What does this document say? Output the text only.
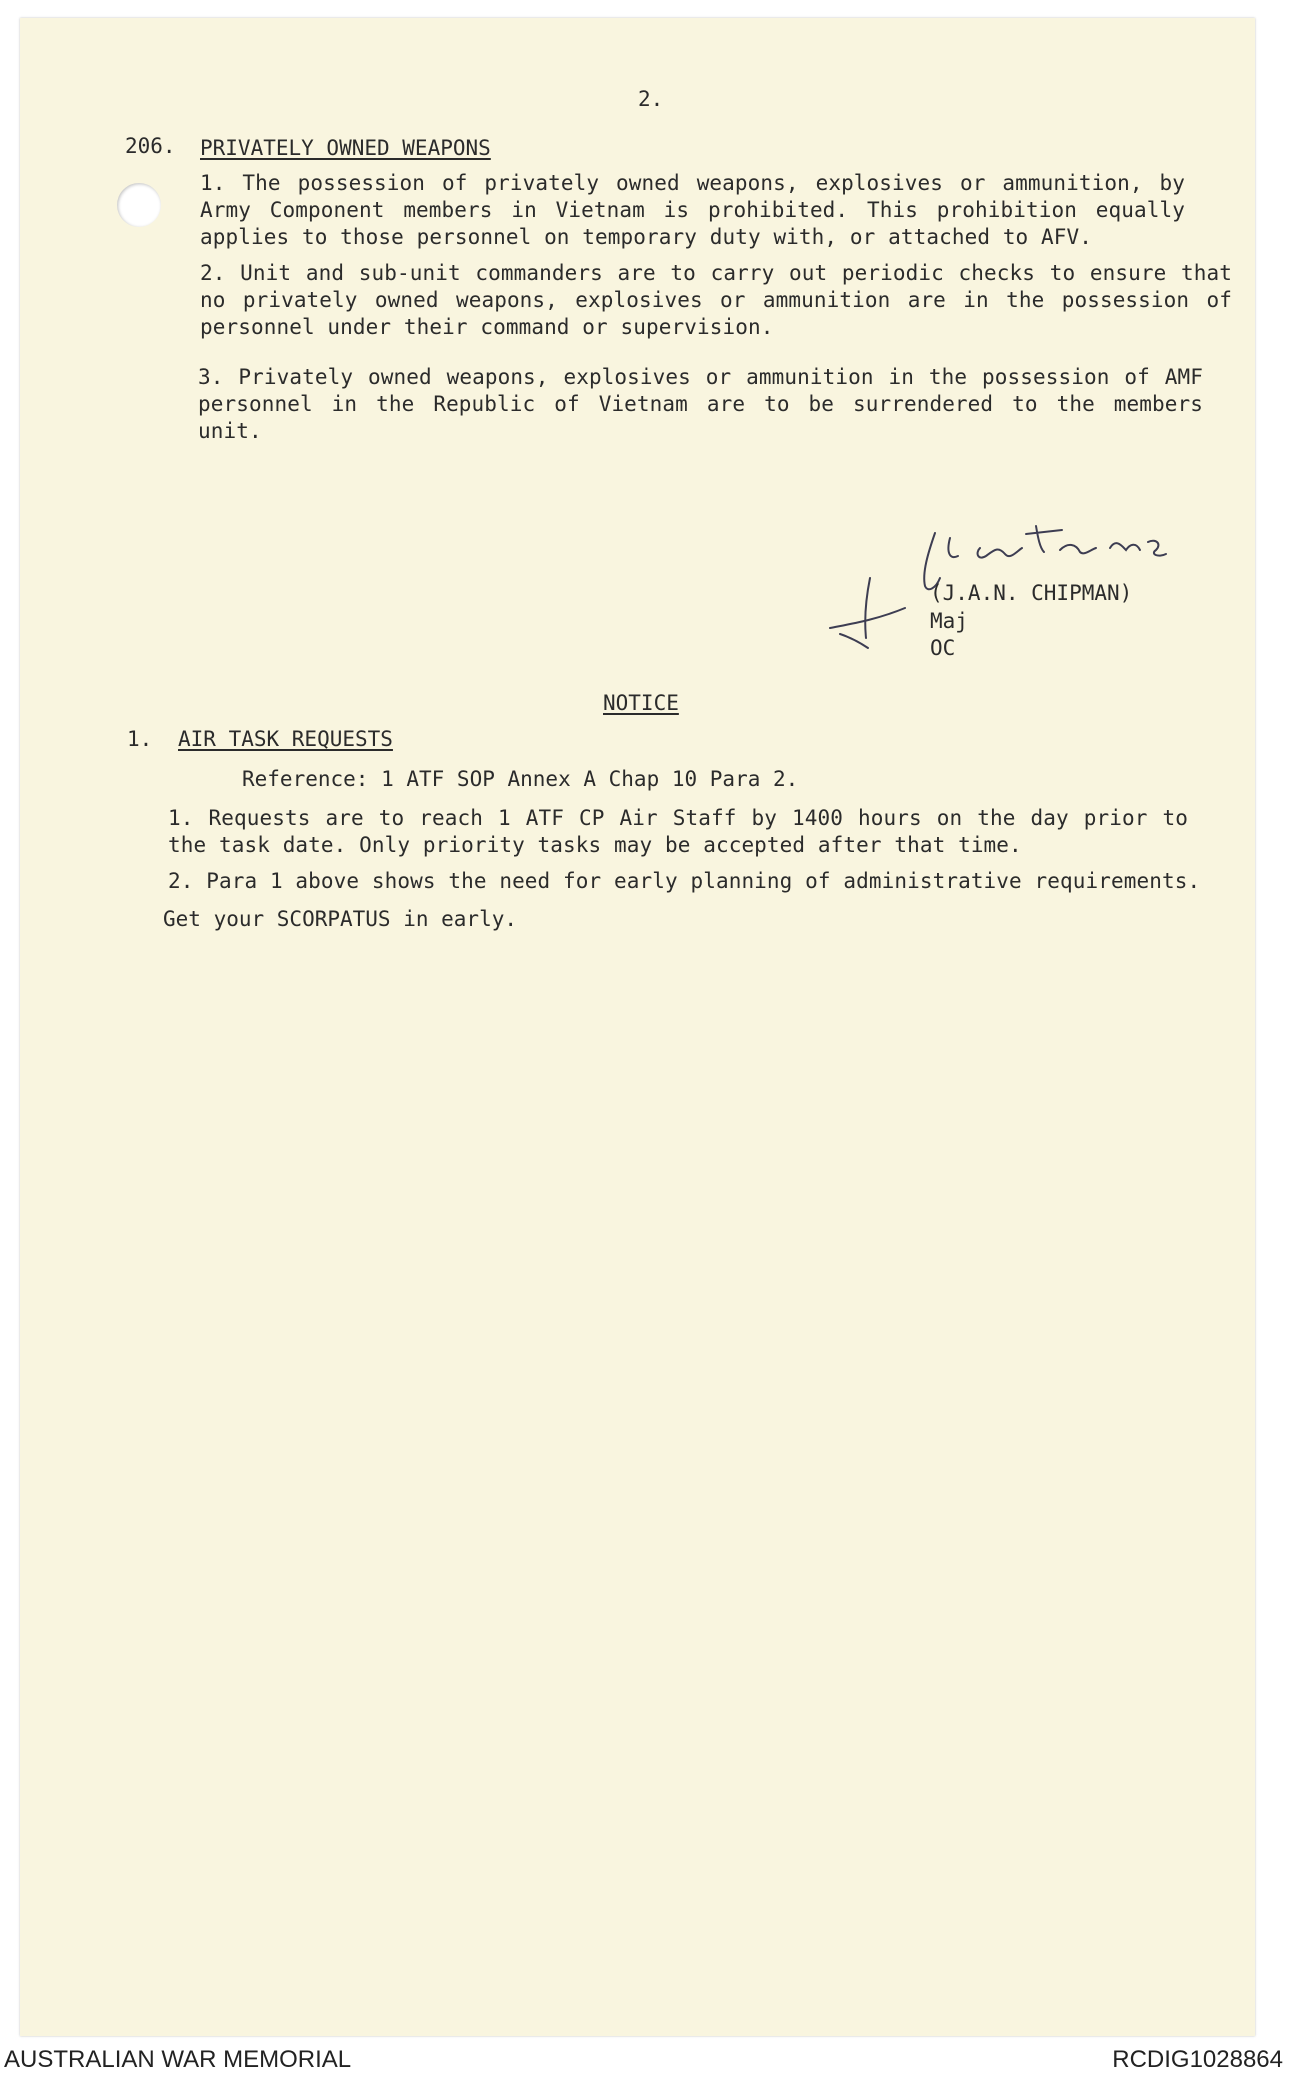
2.
206. PRIVATELY OWNED WEAPONS
1. The possession of privately owned weapons, explosives or ammunition, by Army Component members in Vietnam is prohibited. This prohibition equally applies to those personnel on temporary duty with, or attached to AFV.
2. Unit and sub-unit commanders are to carry out periodic checks to ensure that no privately owned weapons, explosives or ammunition are in the possession of personnel under their command or supervision.
3. Privately owned weapons, explosives or ammunition in the possession of AMF personnel in the Republic of Vietnam are to be surrendered to the members unit.
(J.A.N. CHIPMAN)
Maj
OC
NOTICE
1. AIR TASK REQUESTS
Reference: 1 ATF SOP Annex A Chap 10 Para 2.
1. Requests are to reach 1 ATF CP Air Staff by 1400 hours on the day prior to the task date. Only priority tasks may be accepted after that time.
2. Para 1 above shows the need for early planning of administrative requirements.
Get your SCORPATUS in early.
AUSTRALIAN WAR MEMORIAL	RCDIG1028864
